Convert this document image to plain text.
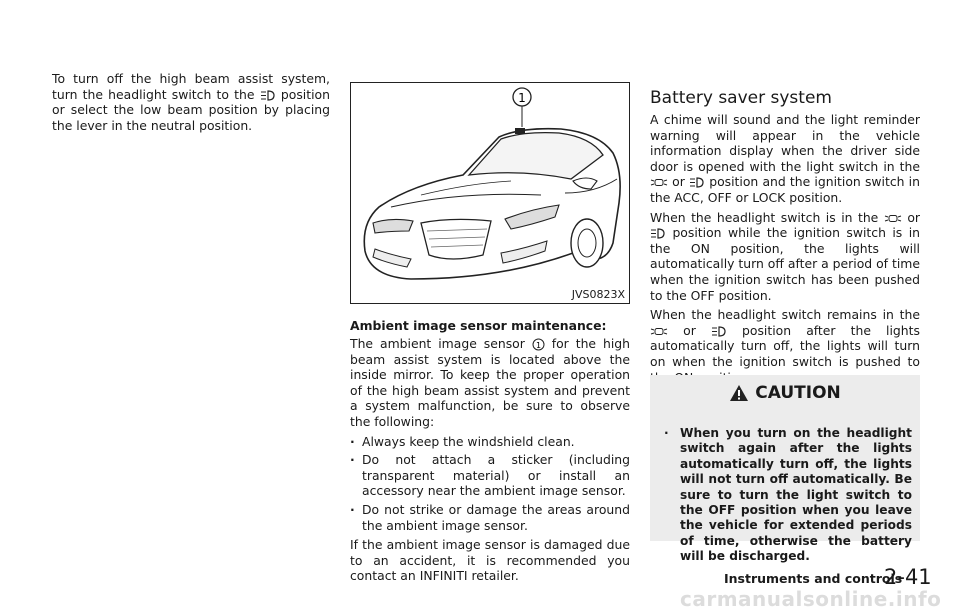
To turn off the high beam assist system, turn the headlight switch to the position or select the low beam position by placing the lever in the neutral position.

1
JVS0823X
Ambient image sensor maintenance:

The ambient image sensor 1 for the high beam assist system is located above the inside mirror. To keep the proper operation of the high beam assist system and prevent a system malfunction, be sure to observe the following:

. Always keep the windshield clean.
. Do not attach a sticker (including transparent material) or install an accessory near the ambient image sensor.
. Do not strike or damage the areas around the ambient image sensor.

If the ambient image sensor is damaged due to an accident, it is recommended you contact an INFINITI retailer.

Battery saver system

A chime will sound and the light reminder warning will appear in the vehicle information display when the driver side door is opened with the light switch in the  or position and the ignition switch in the ACC, OFF or LOCK position.

When the headlight switch is in the or  position while the ignition switch is in the ON position, the lights will automatically turn off after a period of time when the ignition switch has been pushed to the OFF position.

When the headlight switch remains in the  or	position after the lights automatically turn off, the lights will turn on when the ignition switch is pushed to

CAUTION
. When you turn on the headlight switch again after the lights automatically turn off, the lights will not turn off automatically. Be sure to turn the light switch to the OFF position when you leave the vehicle for extended periods of time, otherwise the battery will be discharged.
Instruments and controls
2-41
carmanualsonline.info
